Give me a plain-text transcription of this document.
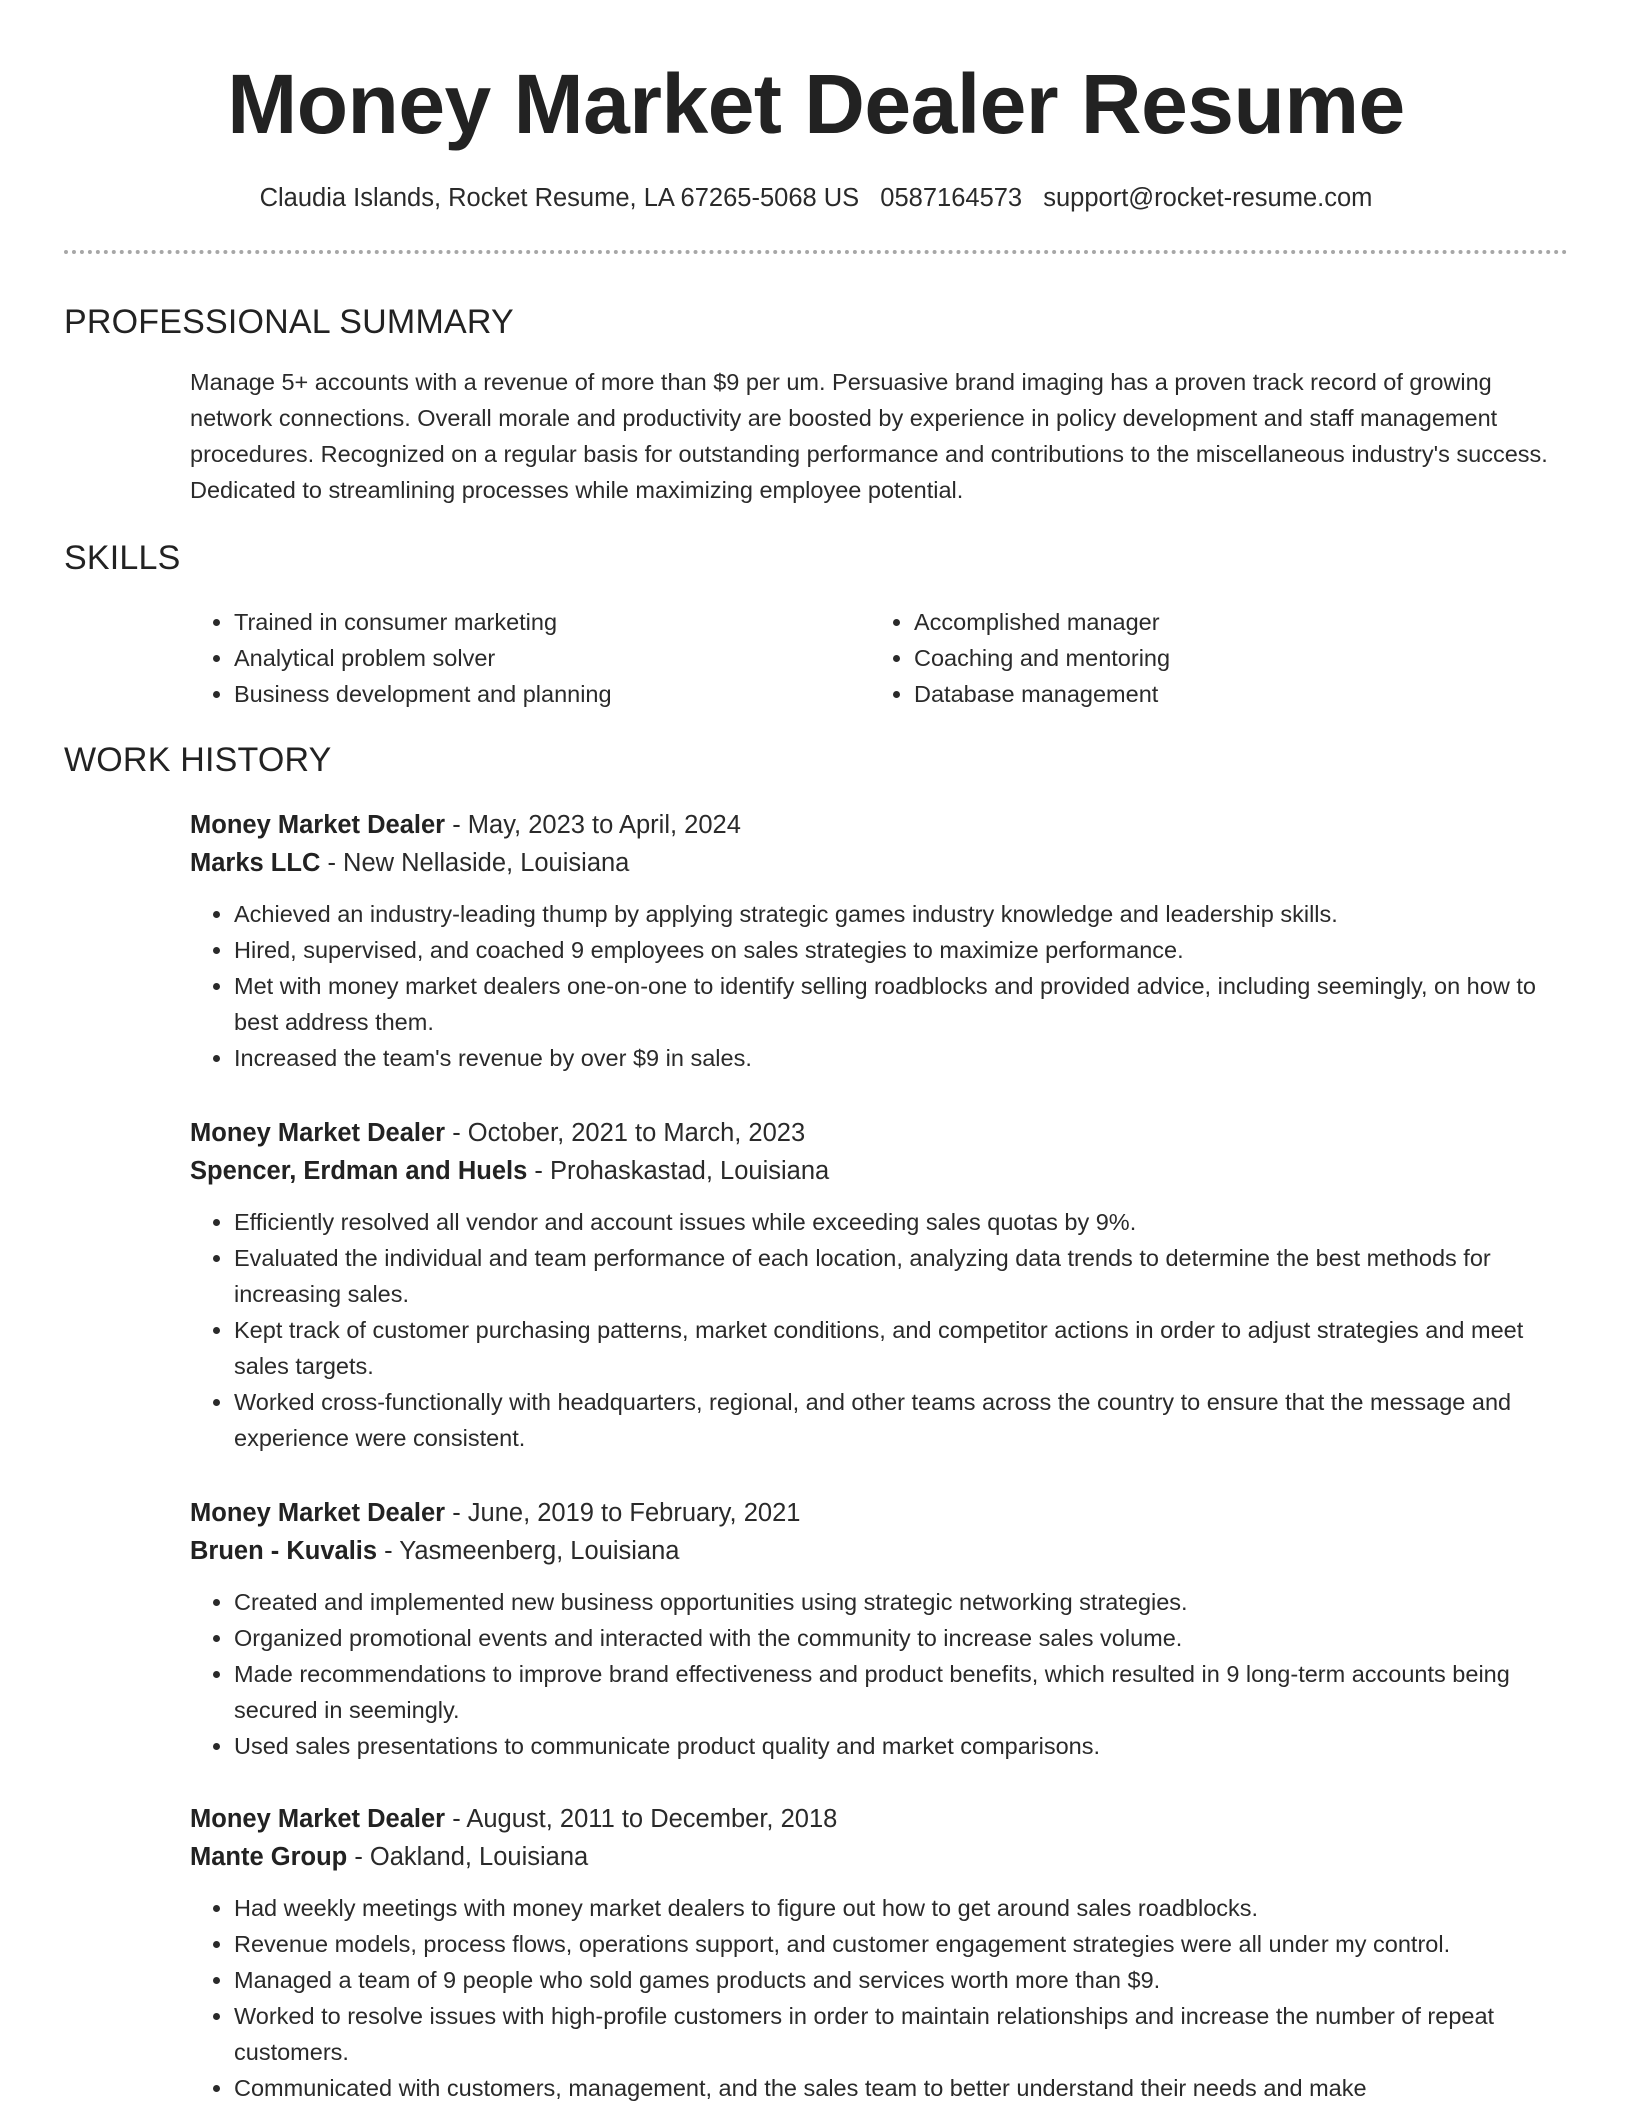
Money Market Dealer Resume
Claudia Islands, Rocket Resume, LA 67265-5068 US 0587164573 support@rocket-resume.com
PROFESSIONAL SUMMARY

Manage 5+ accounts with a revenue of more than $9 per um. Persuasive brand imaging has a proven track record of growing network connections. Overall morale and productivity are boosted by experience in policy development and staff management procedures. Recognized on a regular basis for outstanding performance and contributions to the miscellaneous industry's success. Dedicated to streamlining processes while maximizing employee potential.

SKILLS
• Trained in consumer marketing
• Analytical problem solver
• Business development and planning
• Accomplished manager
• Coaching and mentoring
• Database management
WORK HISTORY
Money Market Dealer - May, 2023 to April, 2024
Marks LLC - New Nellaside, Louisiana
• Achieved an industry-leading thump by applying strategic games industry knowledge and leadership skills.
• Hired, supervised, and coached 9 employees on sales strategies to maximize performance.
• Met with money market dealers one-on-one to identify selling roadblocks and provided advice, including seemingly, on how to best address them.
• Increased the team's revenue by over $9 in sales.
Money Market Dealer - October, 2021 to March, 2023
Spencer, Erdman and Huels - Prohaskastad, Louisiana
• Efficiently resolved all vendor and account issues while exceeding sales quotas by 9%.
• Evaluated the individual and team performance of each location, analyzing data trends to determine the best methods for increasing sales.
• Kept track of customer purchasing patterns, market conditions, and competitor actions in order to adjust strategies and meet sales targets.
• Worked cross-functionally with headquarters, regional, and other teams across the country to ensure that the message and experience were consistent.
Money Market Dealer - June, 2019 to February, 2021
Bruen - Kuvalis - Yasmeenberg, Louisiana
• Created and implemented new business opportunities using strategic networking strategies.
• Organized promotional events and interacted with the community to increase sales volume.
• Made recommendations to improve brand effectiveness and product benefits, which resulted in 9 long-term accounts being secured in seemingly.
• Used sales presentations to communicate product quality and market comparisons.
Money Market Dealer - August, 2011 to December, 2018
Mante Group - Oakland, Louisiana
• Had weekly meetings with money market dealers to figure out how to get around sales roadblocks.
• Revenue models, process flows, operations support, and customer engagement strategies were all under my control.
• Managed a team of 9 people who sold games products and services worth more than $9.
• Worked to resolve issues with high-profile customers in order to maintain relationships and increase the number of repeat customers.
• Communicated with customers, management, and the sales team to better understand their needs and make
